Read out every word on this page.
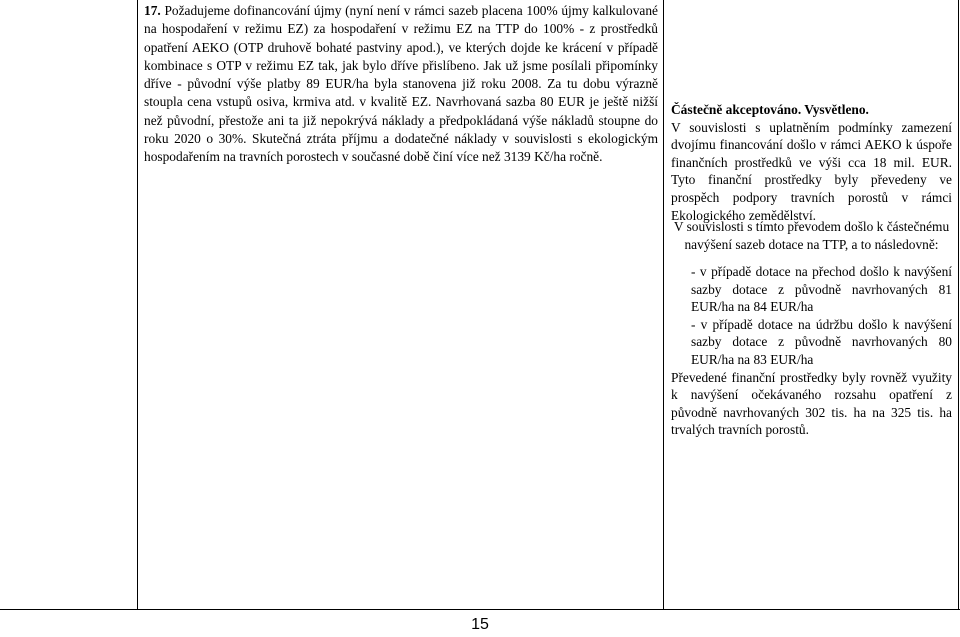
17. Požadujeme dofinancování újmy (nyní není v rámci sazeb placena 100% újmy kalkulované na hospodaření v režimu EZ) za hospodaření v režimu EZ na TTP do 100% - z prostředků opatření AEKO (OTP druhově bohaté pastviny apod.), ve kterých dojde ke krácení v případě kombinace s OTP v režimu EZ tak, jak bylo dříve přislíbeno. Jak už jsme posílali připomínky dříve - původní výše platby 89 EUR/ha byla stanovena již roku 2008. Za tu dobu výrazně stoupla cena vstupů osiva, krmiva atd. v kvalitě EZ. Navrhovaná sazba 80 EUR je ještě nižší než původní, přestože ani ta již nepokrývá náklady a předpokládaná výše nákladů stoupne do roku 2020 o 30%. Skutečná ztráta příjmu a dodatečné náklady v souvislosti s ekologickým hospodařením na travních porostech v současné době činí více než 3139 Kč/ha ročně.
Částečně akceptováno. Vysvětleno.
V souvislosti s uplatněním podmínky zamezení dvojímu financování došlo v rámci AEKO k úspoře finančních prostředků ve výši cca 18 mil. EUR. Tyto finanční prostředky byly převedeny ve prospěch podpory travních porostů v rámci Ekologického zemědělství.
V souvislosti s tímto převodem došlo k částečnému navýšení sazeb dotace na TTP, a to následovně:
- v případě dotace na přechod došlo k navýšení sazby dotace z původně navrhovaných 81 EUR/ha na 84 EUR/ha
- v případě dotace na údržbu došlo k navýšení sazby dotace z původně navrhovaných 80 EUR/ha na 83 EUR/ha
Převedené finanční prostředky byly rovněž využity k navýšení očekávaného rozsahu opatření z původně navrhovaných 302 tis. ha na 325 tis. ha trvalých travních porostů.
15
